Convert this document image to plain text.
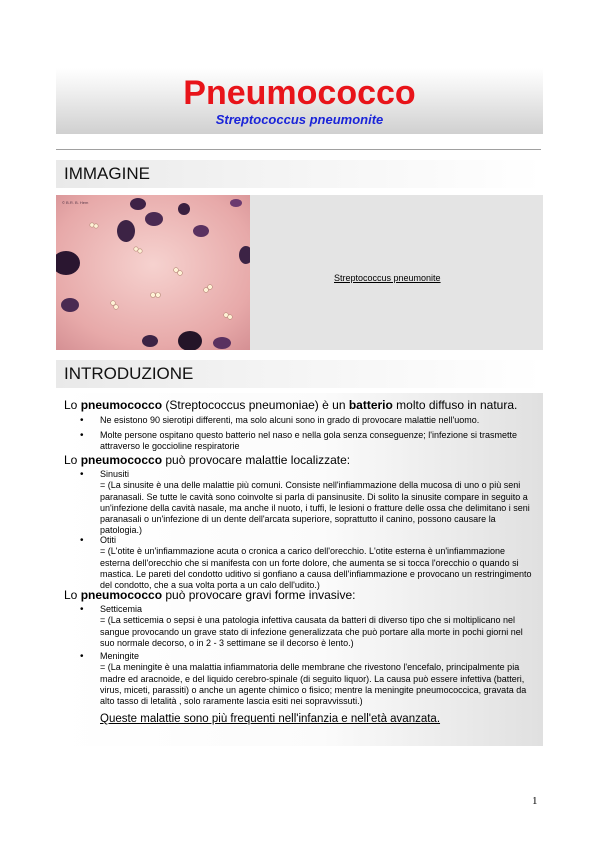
Pneumococco
Streptococcus pneumonite
IMMAGINE
© B.R. B. Hem
Streptococcus pneumonite
INTRODUZIONE
Lo pneumococco (Streptococcus pneumoniae) è un batterio molto diffuso in natura.
• Ne esistono 90 sierotipi differenti, ma solo alcuni sono in grado di provocare malattie nell'uomo.
• Molte persone ospitano questo batterio nel naso e nella gola senza conseguenze; l'infezione si trasmette attraverso le goccioline respiratorie
Lo pneumococco può provocare malattie localizzate:
• Sinusiti
= (La sinusite è una delle malattie più comuni. Consiste nell'infiammazione della mucosa di uno o più seni paranasali. Se tutte le cavità sono coinvolte si parla di pansinusite. Di solito la sinusite compare in seguito a un'infezione della cavità nasale, ma anche il nuoto, i tuffi, le lesioni o fratture delle ossa che delimitano i seni paranasali o un'infezione di un dente dell'arcata superiore, soprattutto il canino, possono causare la patologia.)
• Otiti
= (L'otite è un'infiammazione acuta o cronica a carico dell'orecchio. L'otite esterna è un'infiammazione esterna dell'orecchio che si manifesta con un forte dolore, che aumenta se si tocca l'orecchio o quando si mastica. Le pareti del condotto uditivo si gonfiano a causa dell'infiammazione e provocano un restringimento del condotto, che a sua volta porta a un calo dell'udito.)
Lo pneumococco può provocare gravi forme invasive:
• Setticemia
= (La setticemia o sepsi è una patologia infettiva causata da batteri di diverso tipo che si moltiplicano nel sangue provocando un grave stato di infezione generalizzata che può portare alla morte in pochi giorni nel suo normale decorso, o in 2 - 3 settimane se il decorso è lento.)
• Meningite
= (La meningite è una malattia infiammatoria delle membrane che rivestono l'encefalo, principalmente pia madre ed aracnoide, e del liquido cerebro-spinale (di seguito liquor). La causa può essere infettiva (batteri, virus, miceti, parassiti) o anche un agente chimico o fisico; mentre la meningite pneumococcica, gravata da alto tasso di letalità , solo raramente lascia esiti nei sopravvissuti.)
Queste malattie sono più frequenti nell'infanzia e nell'età avanzata.
1
